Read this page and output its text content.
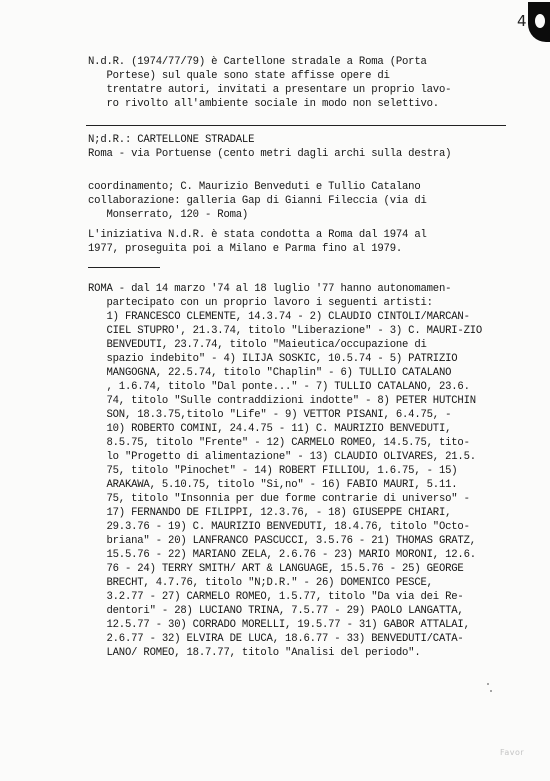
4
N.d.R. (1974/77/79) è Cartellone stradale a Roma (Porta
Portese) sul quale sono state affisse opere di
trentatre autori, invitati a presentare un proprio lavo-
ro rivolto all'ambiente sociale in modo non selettivo.
N;d.R.: CARTELLONE STRADALE
Roma - via Portuense (cento metri dagli archi sulla destra)
coordinamento; C. Maurizio Benveduti e Tullio Catalano
collaborazione: galleria Gap di Gianni Fileccia (via di
Monserrato, 120 - Roma)
L'iniziativa N.d.R. è stata condotta a Roma dal 1974 al
1977, proseguita poi a Milano e Parma fino al 1979.
ROMA - dal 14 marzo '74 al 18 luglio '77 hanno autonomamen-
partecipato con un proprio lavoro i seguenti artisti:
1) FRANCESCO CLEMENTE, 14.3.74 - 2) CLAUDIO CINTOLI/MARCAN-
CIEL STUPRO', 21.3.74, titolo "Liberazione" - 3) C. MAURI-ZIO
BENVEDUTI, 23.7.74, titolo "Maieutica/occupazione di
spazio indebito" - 4) ILIJA SOSKIC, 10.5.74 - 5) PATRIZIO
MANGOGNA, 22.5.74, titolo "Chaplin" - 6) TULLIO CATALANO
, 1.6.74, titolo "Dal ponte..." - 7) TULLIO CATALANO, 23.6.
74, titolo "Sulle contraddizioni indotte" - 8) PETER HUTCHIN
SON, 18.3.75,titolo "Life" - 9) VETTOR PISANI, 6.4.75, -
10) ROBERTO COMINI, 24.4.75 - 11) C. MAURIZIO BENVEDUTI,
8.5.75, titolo "Frente" - 12) CARMELO ROMEO, 14.5.75, tito-
lo "Progetto di alimentazione" - 13) CLAUDIO OLIVARES, 21.5.
75, titolo "Pinochet" - 14) ROBERT FILLIOU, 1.6.75, - 15)
ARAKAWA, 5.10.75, titolo "Si,no" - 16) FABIO MAURI, 5.11.
75, titolo "Insonnia per due forme contrarie di universo" -
17) FERNANDO DE FILIPPI, 12.3.76, - 18) GIUSEPPE CHIARI,
29.3.76 - 19) C. MAURIZIO BENVEDUTI, 18.4.76, titolo "Octo-
briana" - 20) LANFRANCO PASCUCCI, 3.5.76 - 21) THOMAS GRATZ,
15.5.76 - 22) MARIANO ZELA, 2.6.76 - 23) MARIO MORONI, 12.6.
76 - 24) TERRY SMITH/ ART & LANGUAGE, 15.5.76 - 25) GEORGE
BRECHT, 4.7.76, titolo "N;D.R." - 26) DOMENICO PESCE,
3.2.77 - 27) CARMELO ROMEO, 1.5.77, titolo "Da via dei Re-
dentori" - 28) LUCIANO TRINA, 7.5.77 - 29) PAOLO LANGATTA,
12.5.77 - 30) CORRADO MORELLI, 19.5.77 - 31) GABOR ATTALAI,
2.6.77 - 32) ELVIRA DE LUCA, 18.6.77 - 33) BENVEDUTI/CATA-
LANO/ ROMEO, 18.7.77, titolo "Analisi del periodo".
Favor
